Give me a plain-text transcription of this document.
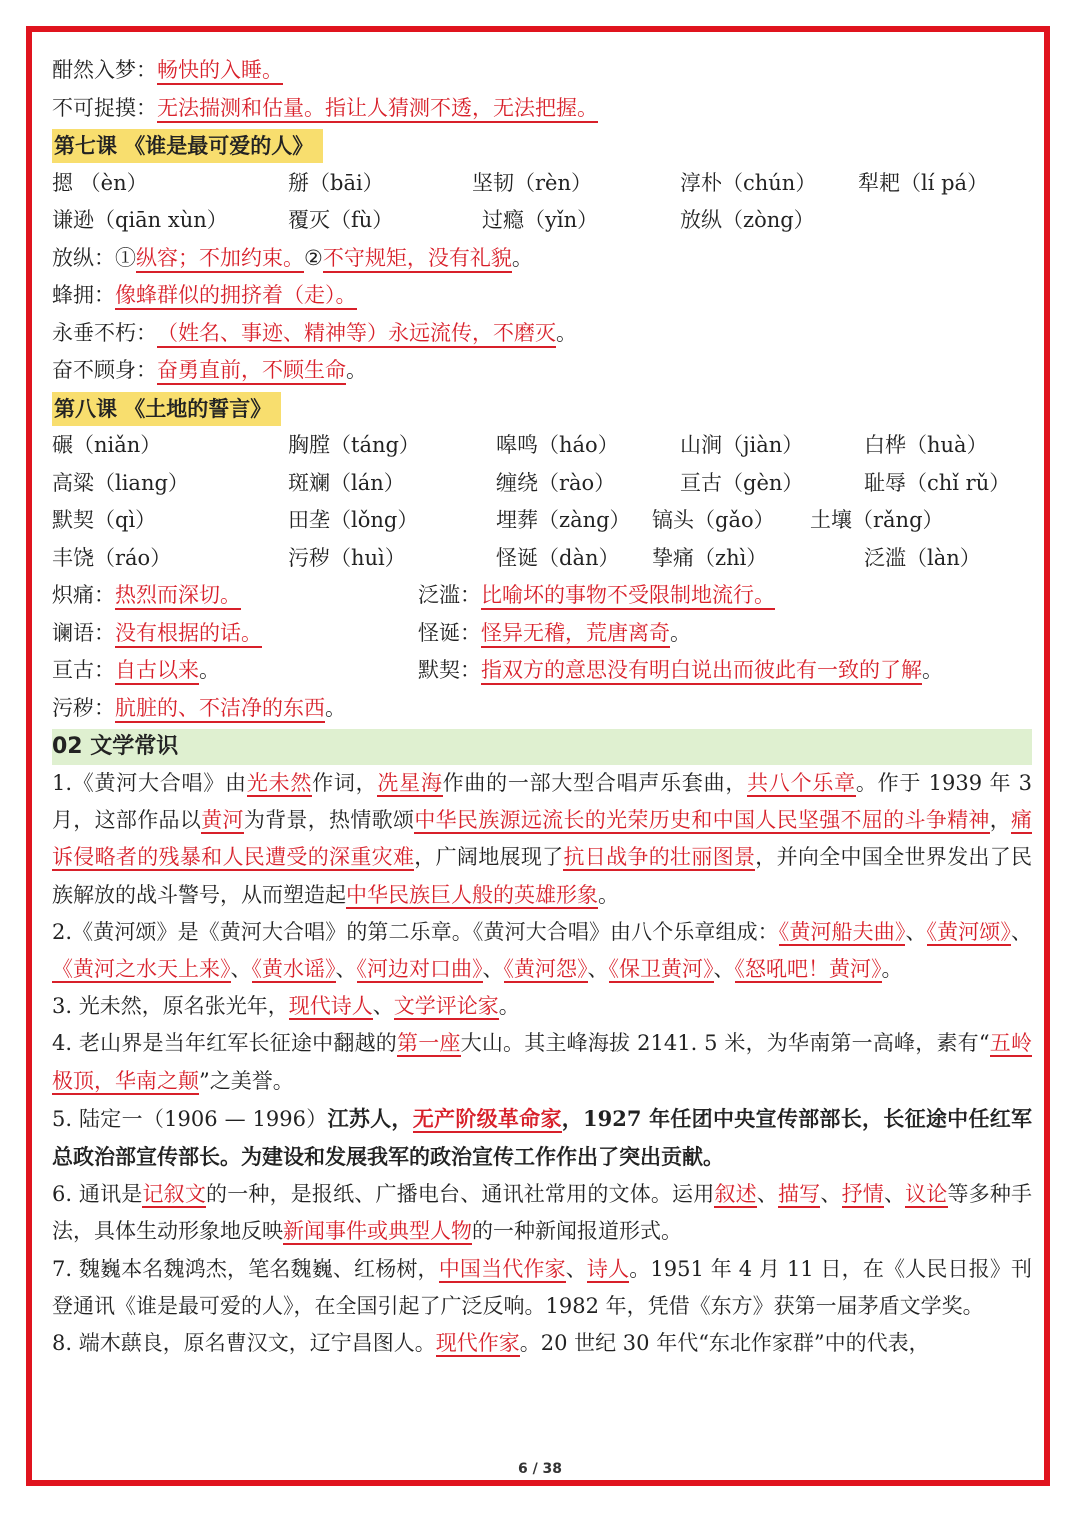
酣然入梦：畅快的入睡。
不可捉摸：无法揣测和估量。指让人猜测不透，无法把握。
第七课 《谁是最可爱的人》
摁 （èn）	掰（bāi）	坚韧（rèn）	淳朴（chún） 犁耙（lí pá）
谦逊（qiān xùn）	覆灭（fù）	过瘾（yǐn）	放纵（zòng）
放纵：①纵容；不加约束。②不守规矩，没有礼貌。
蜂拥：像蜂群似的拥挤着（走）。
永垂不朽：（姓名、事迹、精神等）永远流传，不磨灭。
奋不顾身：奋勇直前，不顾生命。
第八课 《土地的誓言》
碾（niǎn）	胸膛（táng）	嗥鸣（háo）	山涧（jiàn）	白桦（huà）
高粱（liang）	斑斓（lán）	缠绕（rào）	亘古（gèn）	耻辱（chǐ rǔ）
默契（qì）	田垄（lǒng）	埋葬（zàng） 镐头（gǎo） 土壤（rǎng）
丰饶（ráo）	污秽（huì）	怪诞（dàn） 挚痛（zhì）	泛滥（làn）
炽痛：热烈而深切。	泛滥：比喻坏的事物不受限制地流行。
谰语：没有根据的话。	怪诞：怪异无稽，荒唐离奇。
亘古：自古以来。	默契：指双方的意思没有明白说出而彼此有一致的了解。
污秽：肮脏的、不洁净的东西。
02 文学常识
1.《黄河大合唱》由光未然作词，冼星海作曲的一部大型合唱声乐套曲，共八个乐章。作于 1939 年 3 月，这部作品以黄河为背景，热情歌颂中华民族源远流长的光荣历史和中国人民坚强不屈的斗争精神，痛诉侵略者的残暴和人民遭受的深重灾难，广阔地展现了抗日战争的壮丽图景，并向全中国全世界发出了民族解放的战斗警号，从而塑造起中华民族巨人般的英雄形象。
2.《黄河颂》是《黄河大合唱》的第二乐章。《黄河大合唱》由八个乐章组成：《黄河船夫曲》、《黄河颂》、《黄河之水天上来》、《黄水谣》、《河边对口曲》、《黄河怨》、《保卫黄河》、《怒吼吧！黄河》。
3. 光未然，原名张光年，现代诗人、文学评论家。
4. 老山界是当年红军长征途中翻越的第一座大山。其主峰海拔 2141. 5 米，为华南第一高峰，素有“五岭极顶，华南之颠”之美誉。
5. 陆定一（1906 — 1996）江苏人，无产阶级革命家，1927 年任团中央宣传部部长，长征途中任红军总政治部宣传部长。为建设和发展我军的政治宣传工作作出了突出贡献。
6. 通讯是记叙文的一种，是报纸、广播电台、通讯社常用的文体。运用叙述、描写、抒情、议论等多种手法，具体生动形象地反映新闻事件或典型人物的一种新闻报道形式。
7. 魏巍本名魏鸿杰，笔名魏巍、红杨树，中国当代作家、诗人。1951 年 4 月 11 日，在《人民日报》刊登通讯《谁是最可爱的人》，在全国引起了广泛反响。1982 年，凭借《东方》获第一届茅盾文学奖。
8. 端木蕻良，原名曹汉文，辽宁昌图人。现代作家。20 世纪 30 年代“东北作家群”中的代表，
6 / 38
